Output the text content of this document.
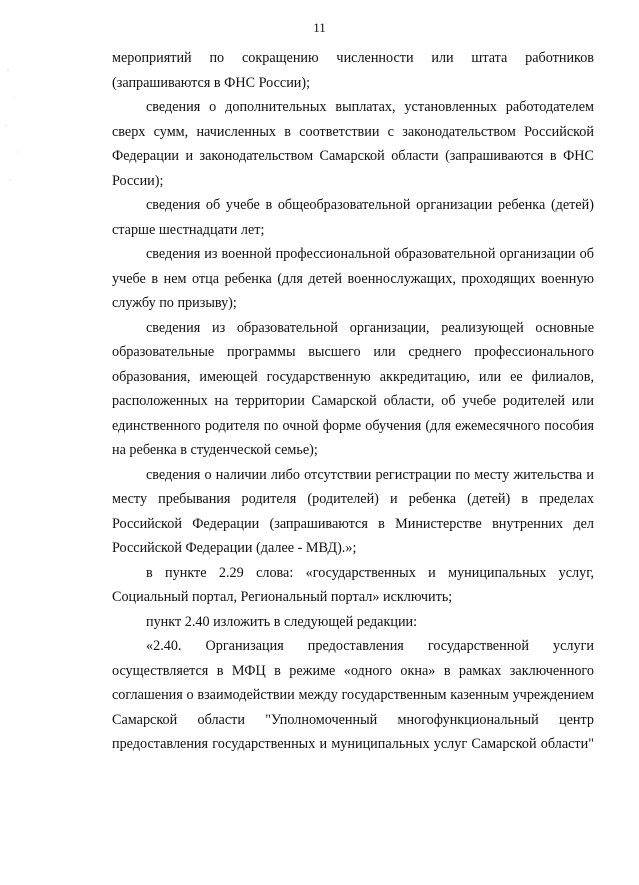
11

мероприятий по сокращению численности или штата работников (запрашиваются в ФНС России);

сведения о дополнительных выплатах, установленных работодателем сверх сумм, начисленных в соответствии с законодательством Российской Федерации и законодательством Самарской области (запрашиваются в ФНС России);

сведения об учебе в общеобразовательной организации ребенка (детей) старше шестнадцати лет;

сведения из военной профессиональной образовательной организации об учебе в нем отца ребенка (для детей военнослужащих, проходящих военную службу по призыву);

сведения из образовательной организации, реализующей основные образовательные программы высшего или среднего профессионального образования, имеющей государственную аккредитацию, или ее филиалов, расположенных на территории Самарской области, об учебе родителей или единственного родителя по очной форме обучения (для ежемесячного пособия на ребенка в студенческой семье);

сведения о наличии либо отсутствии регистрации по месту жительства и месту пребывания родителя (родителей) и ребенка (детей) в пределах Российской Федерации (запрашиваются в Министерстве внутренних дел Российской Федерации (далее - МВД).»;

в пункте 2.29 слова: «государственных и муниципальных услуг, Социальный портал, Региональный портал» исключить;

пункт 2.40 изложить в следующей редакции:

«2.40. Организация предоставления государственной услуги осуществляется в МФЦ в режиме «одного окна» в рамках заключенного соглашения о взаимодействии между государственным казенным учреждением Самарской области "Уполномоченный многофункциональный центр предоставления государственных и муниципальных услуг Самарской области"
